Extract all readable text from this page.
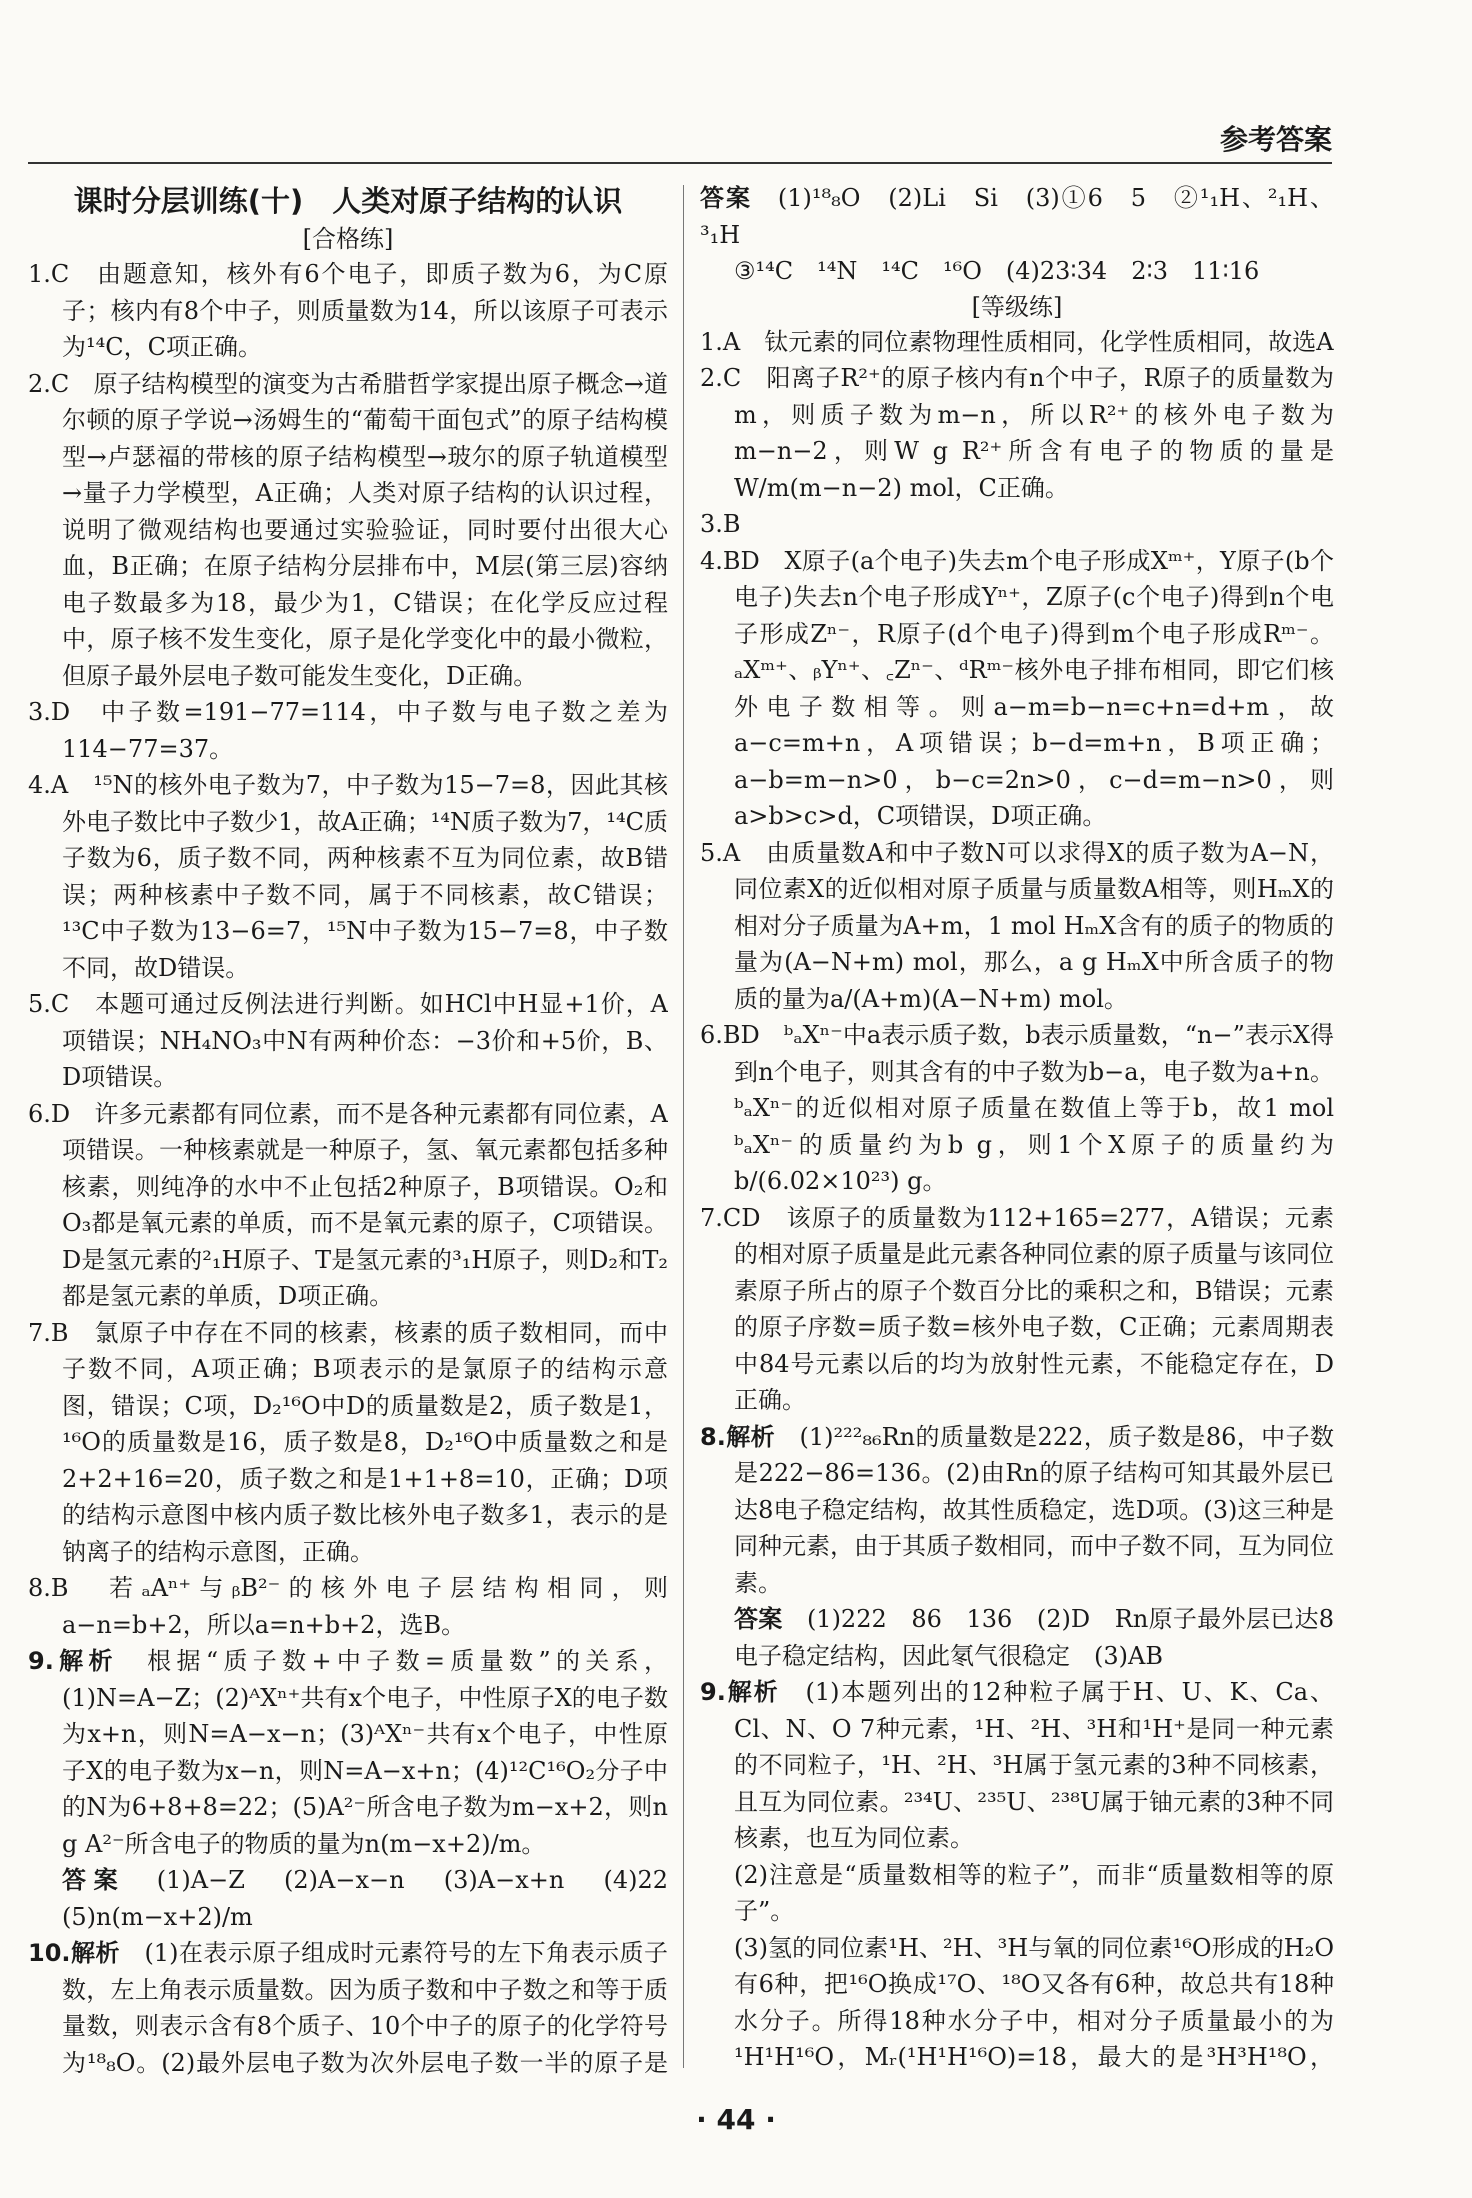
参考答案

课时分层训练(十)　人类对原子结构的认识

[合格练]

1.C　由题意知，核外有6个电子，即质子数为6，为C原子；核内有8个中子，则质量数为14，所以该原子可表示为¹⁴C，C项正确。

2.C　原子结构模型的演变为古希腊哲学家提出原子概念→道尔顿的原子学说→汤姆生的“葡萄干面包式”的原子结构模型→卢瑟福的带核的原子结构模型→玻尔的原子轨道模型→量子力学模型，A正确；人类对原子结构的认识过程，说明了微观结构也要通过实验验证，同时要付出很大心血，B正确；在原子结构分层排布中，M层(第三层)容纳电子数最多为18，最少为1，C错误；在化学反应过程中，原子核不发生变化，原子是化学变化中的最小微粒，但原子最外层电子数可能发生变化，D正确。

3.D　中子数=191−77=114，中子数与电子数之差为114−77=37。

4.A　¹⁵N的核外电子数为7，中子数为15−7=8，因此其核外电子数比中子数少1，故A正确；¹⁴N质子数为7，¹⁴C质子数为6，质子数不同，两种核素不互为同位素，故B错误；两种核素中子数不同，属于不同核素，故C错误；¹³C中子数为13−6=7，¹⁵N中子数为15−7=8，中子数不同，故D错误。

5.C　本题可通过反例法进行判断。如HCl中H显+1价，A项错误；NH₄NO₃中N有两种价态：−3价和+5价，B、D项错误。

6.D　许多元素都有同位素，而不是各种元素都有同位素，A项错误。一种核素就是一种原子，氢、氧元素都包括多种核素，则纯净的水中不止包括2种原子，B项错误。O₂和O₃都是氧元素的单质，而不是氧元素的原子，C项错误。D是氢元素的²₁H原子、T是氢元素的³₁H原子，则D₂和T₂都是氢元素的单质，D项正确。

7.B　氯原子中存在不同的核素，核素的质子数相同，而中子数不同，A项正确；B项表示的是氯原子的结构示意图，错误；C项，D₂¹⁶O中D的质量数是2，质子数是1，¹⁶O的质量数是16，质子数是8，D₂¹⁶O中质量数之和是2+2+16=20，质子数之和是1+1+8=10，正确；D项的结构示意图中核内质子数比核外电子数多1，表示的是钠离子的结构示意图，正确。

8.B　若ₐAⁿ⁺与ᵦB²⁻的核外电子层结构相同，则a−n=b+2，所以a=n+b+2，选B。

9.解析　 根据“质子数+中子数=质量数”的关系，(1)N=A−Z；(2)ᴬXⁿ⁺共有x个电子，中性原子X的电子数为x+n，则N=A−x−n；(3)ᴬXⁿ⁻共有x个电子，中性原子X的电子数为x−n，则N=A−x+n；(4)¹²C¹⁶O₂分子中的N为6+8+8=22；(5)A²⁻所含电子数为m−x+2，则n g A²⁻所含电子的物质的量为n(m−x+2)/m。

答案　 (1)A−Z　(2)A−x−n　(3)A−x+n　(4)22　(5)n(m−x+2)/m

10.解析　 (1)在表示原子组成时元素符号的左下角表示质子数，左上角表示质量数。因为质子数和中子数之和等于质量数，则表示含有8个质子、10个中子的原子的化学符号为¹⁸₈O。(2)最外层电子数为次外层电子数一半的原子是

答案　 (1)¹⁸₈O　(2)Li　Si　(3)①6　5　②¹₁H、²₁H、³₁H

③¹⁴C　¹⁴N　¹⁴C　¹⁶O　(4)23∶34　2∶3　11∶16

[等级练]

1.A　钛元素的同位素物理性质相同，化学性质相同，故选A

2.C　阳离子R²⁺的原子核内有n个中子，R原子的质量数为m，则质子数为m−n，所以R²⁺的核外电子数为m−n−2，则W g R²⁺所含有电子的物质的量是W/m(m−n−2) mol，C正确。

3.B

4.BD　X原子(a个电子)失去m个电子形成Xᵐ⁺，Y原子(b个电子)失去n个电子形成Yⁿ⁺，Z原子(c个电子)得到n个电子形成Zⁿ⁻，R原子(d个电子)得到m个电子形成Rᵐ⁻。ₐXᵐ⁺、ᵦYⁿ⁺、꜀Zⁿ⁻、ᵈRᵐ⁻核外电子排布相同，即它们核外电子数相等。则a−m=b−n=c+n=d+m，故a−c=m+n，A项错误；b−d=m+n，B项正确；a−b=m−n>0，b−c=2n>0，c−d=m−n>0，则a>b>c>d，C项错误，D项正确。

5.A　由质量数A和中子数N可以求得X的质子数为A−N，同位素X的近似相对原子质量与质量数A相等，则HₘX的相对分子质量为A+m，1 mol HₘX含有的质子的物质的量为(A−N+m) mol，那么，a g HₘX中所含质子的物质的量为a/(A+m)(A−N+m) mol。

6.BD　ᵇₐXⁿ⁻中a表示质子数，b表示质量数，“n−”表示X得到n个电子，则其含有的中子数为b−a，电子数为a+n。ᵇₐXⁿ⁻的近似相对原子质量在数值上等于b，故1 mol ᵇₐXⁿ⁻的质量约为b g，则1个X原子的质量约为b/(6.02×10²³) g。

7.CD　该原子的质量数为112+165=277，A错误；元素的相对原子质量是此元素各种同位素的原子质量与该同位素原子所占的原子个数百分比的乘积之和，B错误；元素的原子序数=质子数=核外电子数，C正确；元素周期表中84号元素以后的均为放射性元素，不能稳定存在，D正确。

8.解析　 (1)²²²₈₆Rn的质量数是222，质子数是86，中子数是222−86=136。(2)由Rn的原子结构可知其最外层已达8电子稳定结构，故其性质稳定，选D项。(3)这三种是同种元素，由于其质子数相同，而中子数不同，互为同位素。

答案　 (1)222　86　136　(2)D　Rn原子最外层已达8电子稳定结构，因此氡气很稳定　(3)AB

9.解析　 (1)本题列出的12种粒子属于H、U、K、Ca、Cl、N、O 7种元素，¹H、²H、³H和¹H⁺是同一种元素的不同粒子，¹H、²H、³H属于氢元素的3种不同核素，且互为同位素。²³⁴U、²³⁵U、²³⁸U属于铀元素的3种不同核素，也互为同位素。

(2)注意是“质量数相等的粒子”，而非“质量数相等的原子”。

(3)氢的同位素¹H、²H、³H与氧的同位素¹⁶O形成的H₂O有6种，把¹⁶O换成¹⁷O、¹⁸O又各有6种，故总共有18种水分子。所得18种水分子中，相对分子质量最小的为¹H¹H¹⁶O，Mᵣ(¹H¹H¹⁶O)=18，最大的是³H³H¹⁸O，

· 44 ·
